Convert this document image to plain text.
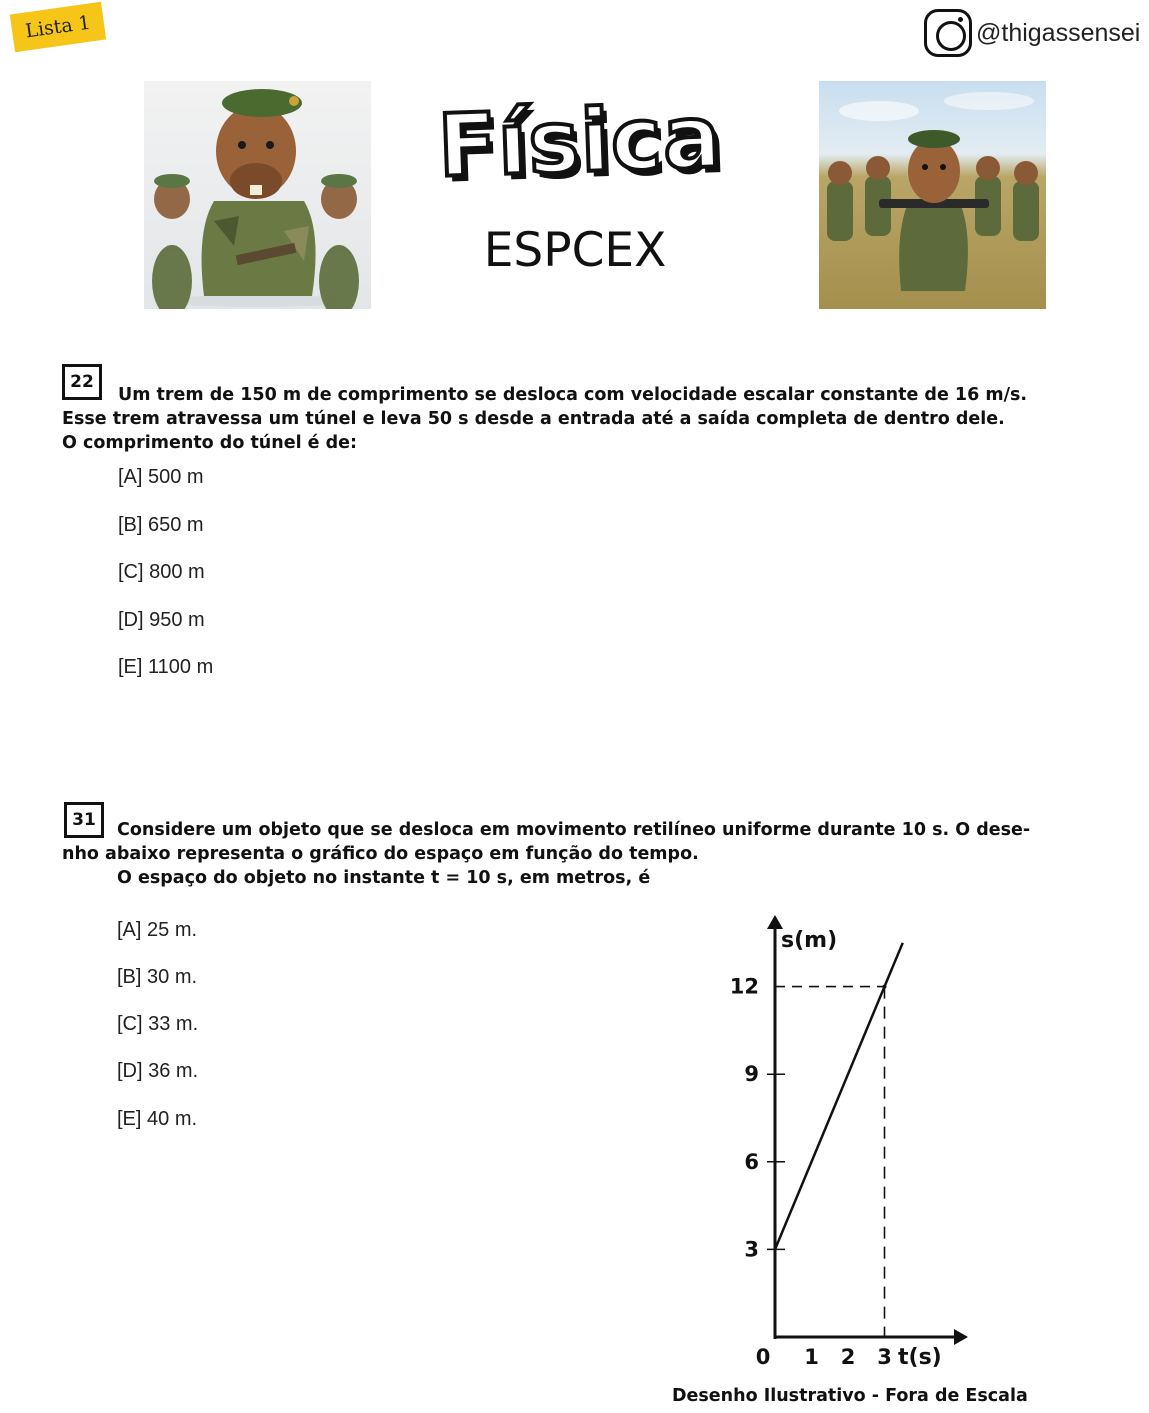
Lista 1	@thigassensei
Física
ESPCEX
22
Um trem de 150 m de comprimento se desloca com velocidade escalar constante de 16 m/s.
Esse trem atravessa um túnel e leva 50 s desde a entrada até a saída completa de dentro dele.
O comprimento do túnel é de:
[A] 500 m
[B] 650 m
[C] 800 m
[D] 950 m
[E] 1100 m
31	Considere um objeto que se desloca em movimento retilíneo uniforme durante 10 s. O dese-
nho abaixo representa o gráfico do espaço em função do tempo.
O espaço do objeto no instante t = 10 s, em metros, é
[A] 25 m.
[B] 30 m.
[C] 33 m.
[D] 36 m.
[E] 40 m.
s(m)
t(s)
3
6
9
12
0 1 2 3
Desenho Ilustrativo - Fora de Escala
